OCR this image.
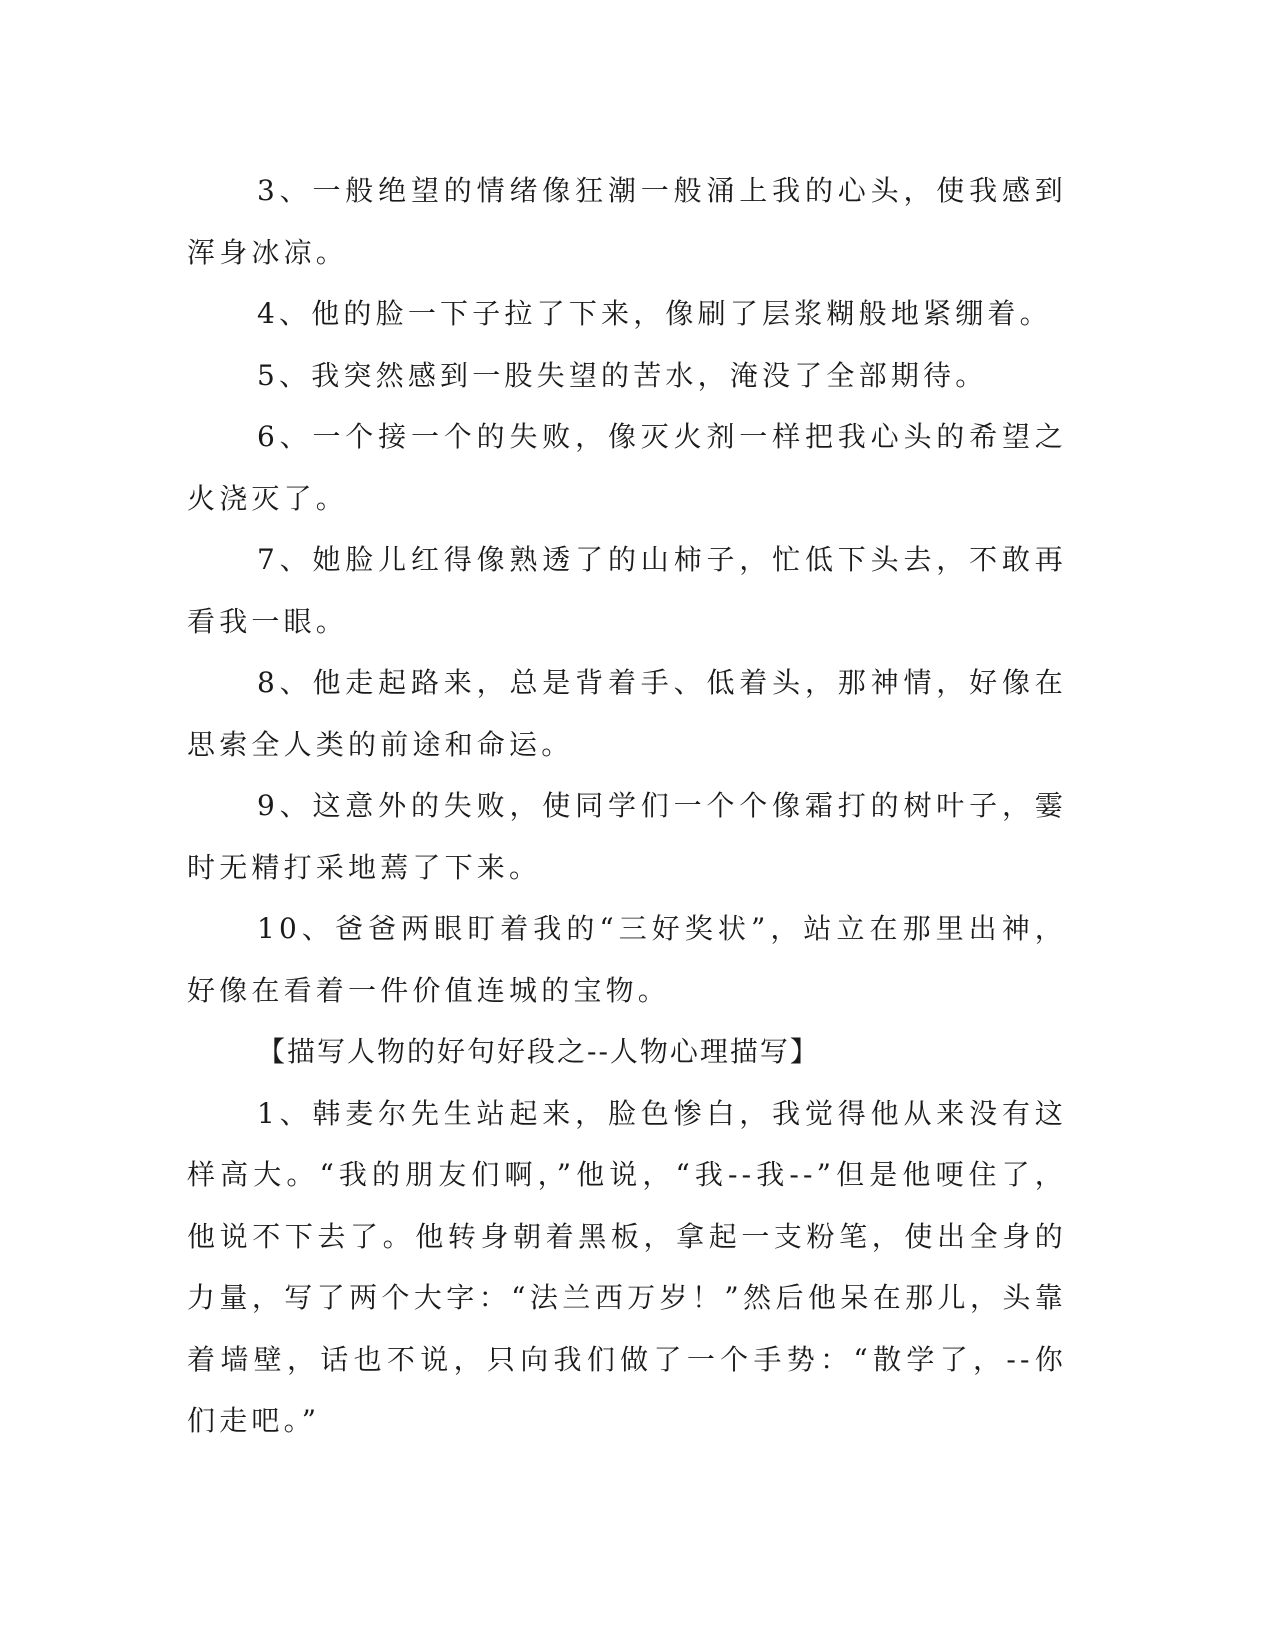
3、一般绝望的情绪像狂潮一般涌上我的心头，使我感到浑身冰凉。

4、他的脸一下子拉了下来，像刷了层浆糊般地紧绷着。

5、我突然感到一股失望的苦水，淹没了全部期待。

6、一个接一个的失败，像灭火剂一样把我心头的希望之火浇灭了。

7、她脸儿红得像熟透了的山柿子，忙低下头去，不敢再看我一眼。

8、他走起路来，总是背着手、低着头，那神情，好像在思索全人类的前途和命运。

9、这意外的失败，使同学们一个个像霜打的树叶子，霎时无精打采地蔫了下来。

10、爸爸两眼盯着我的“三好奖状”，站立在那里出神，好像在看着一件价值连城的宝物。

【描写人物的好句好段之--人物心理描写】

1、韩麦尔先生站起来，脸色惨白，我觉得他从来没有这样高大。“我的朋友们啊，”他说，“我--我--”但是他哽住了，他说不下去了。他转身朝着黑板，拿起一支粉笔，使出全身的力量，写了两个大字：“法兰西万岁！”然后他呆在那儿，头靠着墙壁，话也不说，只向我们做了一个手势：“散学了，--你们走吧。”
